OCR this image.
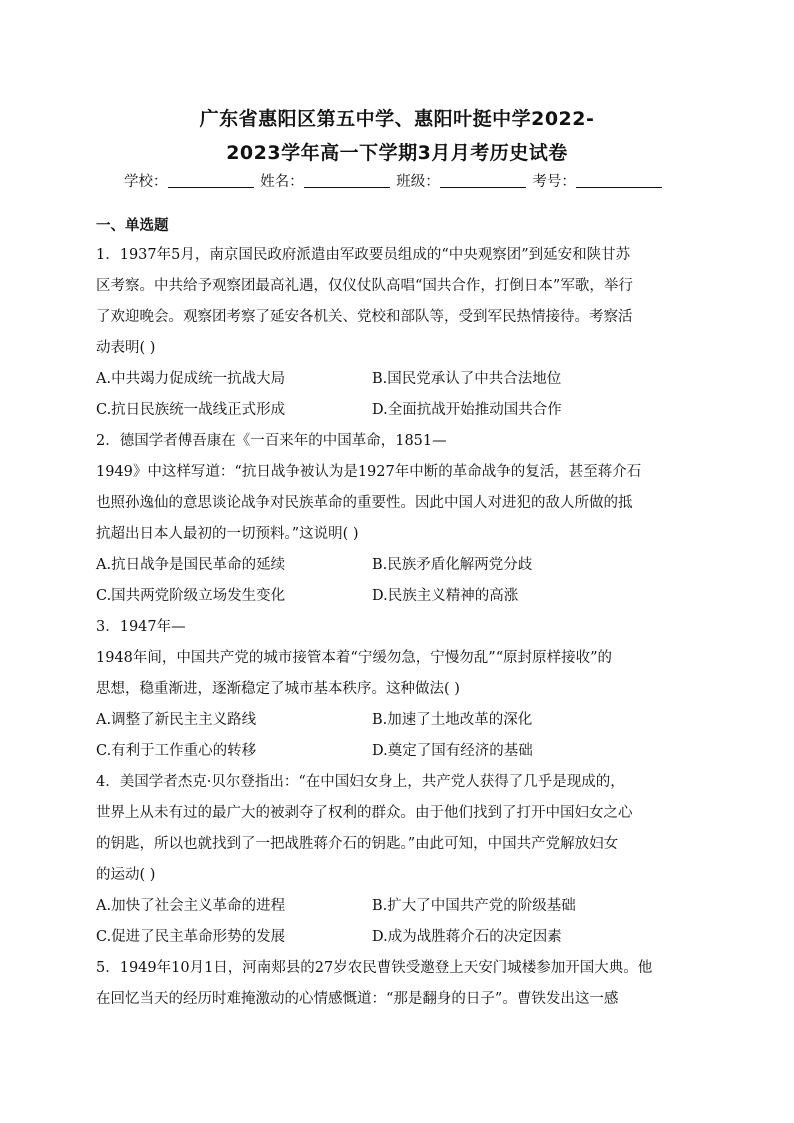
广东省惠阳区第五中学、惠阳叶挺中学2022-
2023学年高一下学期3月月考历史试卷
学校：	姓名：	班级：	考号：
一、单选题
1．1937年5月，南京国民政府派遣由军政要员组成的“中央观察团”到延安和陕甘苏
区考察。中共给予观察团最高礼遇，仅仪仗队高唱“国共合作，打倒日本”军歌，举行
了欢迎晚会。观察团考察了延安各机关、党校和部队等，受到军民热情接待。考察活
动表明( )
A.中共竭力促成统一抗战大局	B.国民党承认了中共合法地位
C.抗日民族统一战线正式形成	D.全面抗战开始推动国共合作
2．德国学者傅吾康在《一百来年的中国革命，1851—
1949》中这样写道：“抗日战争被认为是1927年中断的革命战争的复活，甚至蒋介石
也照孙逸仙的意思谈论战争对民族革命的重要性。因此中国人对进犯的敌人所做的抵
抗超出日本人最初的一切预料。”这说明( )
A.抗日战争是国民革命的延续	B.民族矛盾化解两党分歧
C.国共两党阶级立场发生变化	D.民族主义精神的高涨
3．1947年—
1948年间，中国共产党的城市接管本着“宁缓勿急，宁慢勿乱”“原封原样接收”的
思想，稳重渐进，逐渐稳定了城市基本秩序。这种做法( )
A.调整了新民主主义路线	B.加速了土地改革的深化
C.有利于工作重心的转移	D.奠定了国有经济的基础
4．美国学者杰克·贝尔登指出：“在中国妇女身上，共产党人获得了几乎是现成的，
世界上从未有过的最广大的被剥夺了权利的群众。由于他们找到了打开中国妇女之心
的钥匙，所以也就找到了一把战胜蒋介石的钥匙。”由此可知，中国共产党解放妇女
的运动( )
A.加快了社会主义革命的进程	B.扩大了中国共产党的阶级基础
C.促进了民主革命形势的发展	D.成为战胜蒋介石的决定因素
5．1949年10月1日，河南郏县的27岁农民曹铁受邀登上天安门城楼参加开国大典。他
在回忆当天的经历时难掩激动的心情感慨道：“那是翻身的日子”。曹铁发出这一感
